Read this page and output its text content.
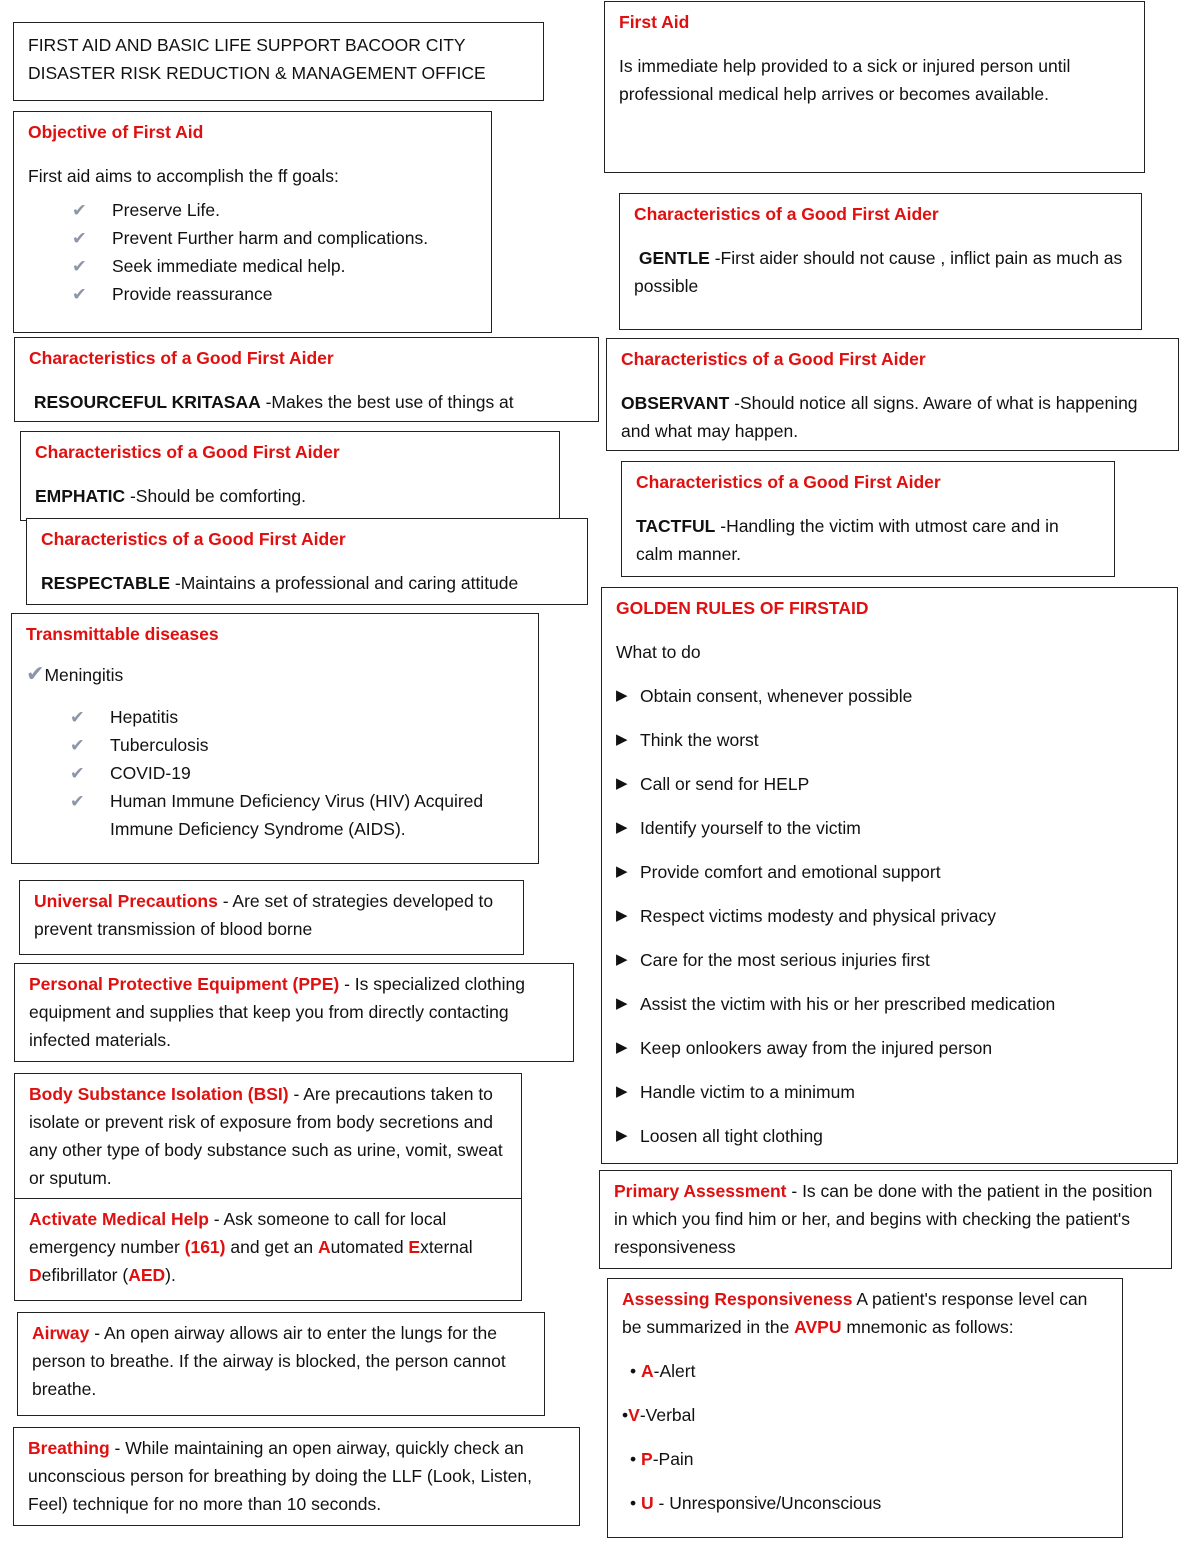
FIRST AID AND BASIC LIFE SUPPORT BACOOR CITY

DISASTER RISK REDUCTION & MANAGEMENT OFFICE

First Aid

Is immediate help provided to a sick or injured person until professional medical help arrives or becomes available.

Objective of First Aid

First aid aims to accomplish the ff goals:

✔ Preserve Life.
✔ Prevent Further harm and complications.
✔ Seek immediate medical help.
✔ Provide reassurance
Characteristics of a Good First Aider

GENTLE -First aider should not cause , inflict pain as much as possible

Characteristics of a Good First Aider

RESOURCEFUL KRITASAA -Makes the best use of things at

Characteristics of a Good First Aider

OBSERVANT -Should notice all signs. Aware of what is happening and what may happen.

Characteristics of a Good First Aider

EMPHATIC -Should be comforting.

Characteristics of a Good First Aider

TACTFUL -Handling the victim with utmost care and in calm manner.

Characteristics of a Good First Aider

RESPECTABLE -Maintains a professional and caring attitude

Transmittable diseases

✔Meningitis

✔ Hepatitis
✔ Tuberculosis
✔ COVID-19
✔ Human Immune Deficiency Virus (HIV) Acquired Immune Deficiency Syndrome (AIDS).
GOLDEN RULES OF FIRSTAID

What to do

▶ Obtain consent, whenever possible
▶ Think the worst
▶ Call or send for HELP
▶ Identify yourself to the victim
▶ Provide comfort and emotional support
▶ Respect victims modesty and physical privacy
▶ Care for the most serious injuries first
▶ Assist the victim with his or her prescribed medication
▶ Keep onlookers away from the injured person
▶ Handle victim to a minimum
▶ Loosen all tight clothing

Universal Precautions - Are set of strategies developed to prevent transmission of blood borne

Personal Protective Equipment (PPE) - Is specialized clothing equipment and supplies that keep you from directly contacting infected materials.

Body Substance Isolation (BSI) - Are precautions taken to isolate or prevent risk of exposure from body secretions and any other type of body substance such as urine, vomit, sweat or sputum.

Primary Assessment - Is can be done with the patient in the position in which you find him or her, and begins with checking the patient's responsiveness

Activate Medical Help - Ask someone to call for local emergency number (161) and get an Automated External Defibrillator (AED).

Assessing Responsiveness A patient's response level can be summarized in the AVPU mnemonic as follows:

• A-Alert
•V-Verbal
• P-Pain
• U - Unresponsive/Unconscious

Airway - An open airway allows air to enter the lungs for the person to breathe. If the airway is blocked, the person cannot breathe.

Breathing - While maintaining an open airway, quickly check an unconscious person for breathing by doing the LLF (Look, Listen, Feel) technique for no more than 10 seconds.
